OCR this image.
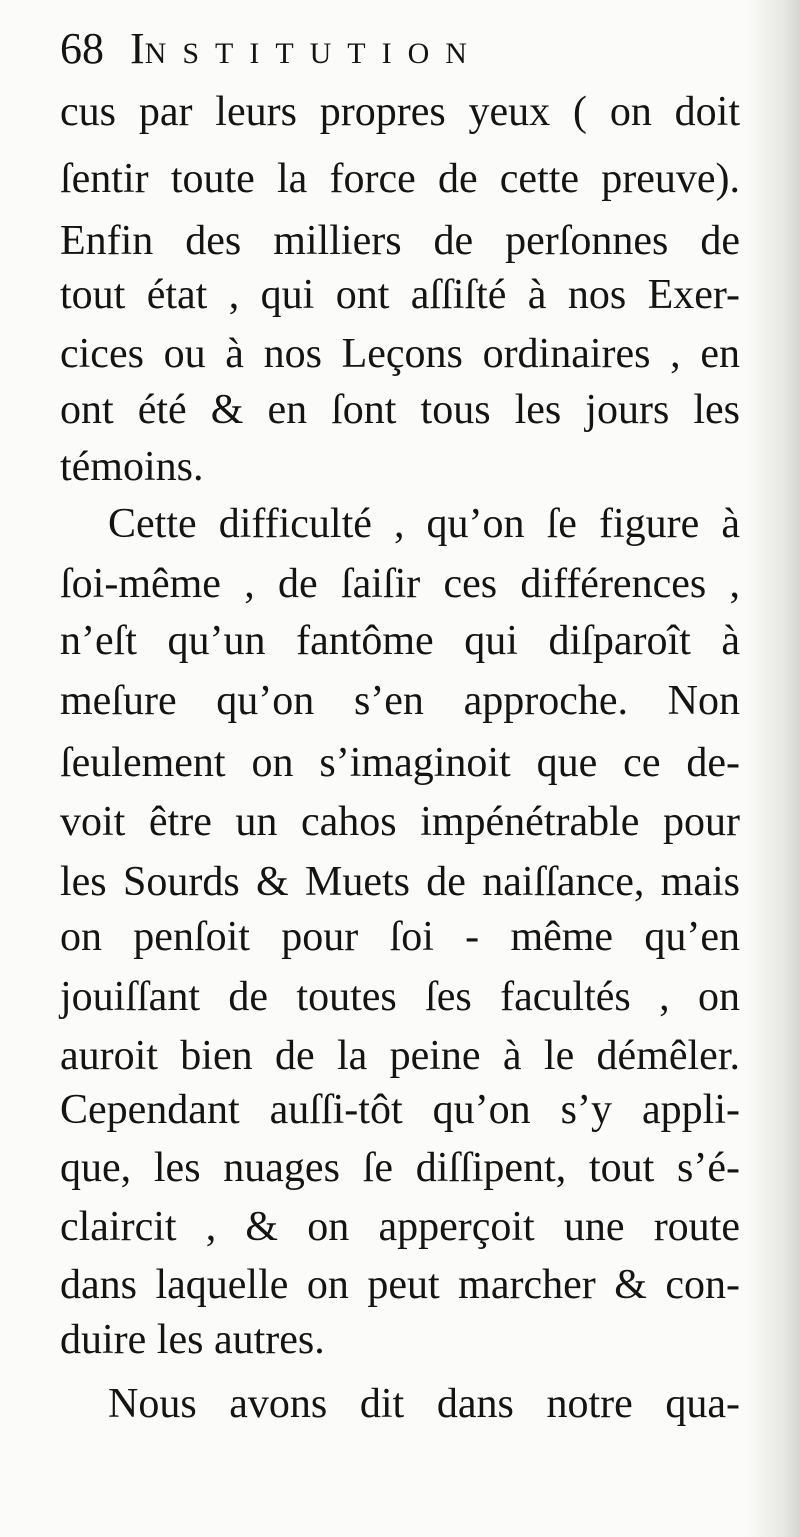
68 INSTITUTION
cus par leurs propres yeux ( on doit
ſentir toute la force de cette preuve).
Enfin des milliers de perſonnes de
tout état , qui ont aſſiſté à nos Exer-
cices ou à nos Leçons ordinaires , en
ont été & en ſont tous les jours les
témoins.
Cette difficulté , qu’on ſe figure à
ſoi-même , de ſaiſir ces différences ,
n’eſt qu’un fantôme qui diſparoît à
meſure qu’on s’en approche. Non
ſeulement on s’imaginoit que ce de-
voit être un cahos impénétrable pour
les Sourds & Muets de naiſſance, mais
on penſoit pour ſoi - même qu’en
jouiſſant de toutes ſes facultés , on
auroit bien de la peine à le démêler.
Cependant auſſi-tôt qu’on s’y appli-
que, les nuages ſe diſſipent, tout s’é-
claircit , & on apperçoit une route
dans laquelle on peut marcher & con-
duire les autres.
Nous avons dit dans notre qua-
